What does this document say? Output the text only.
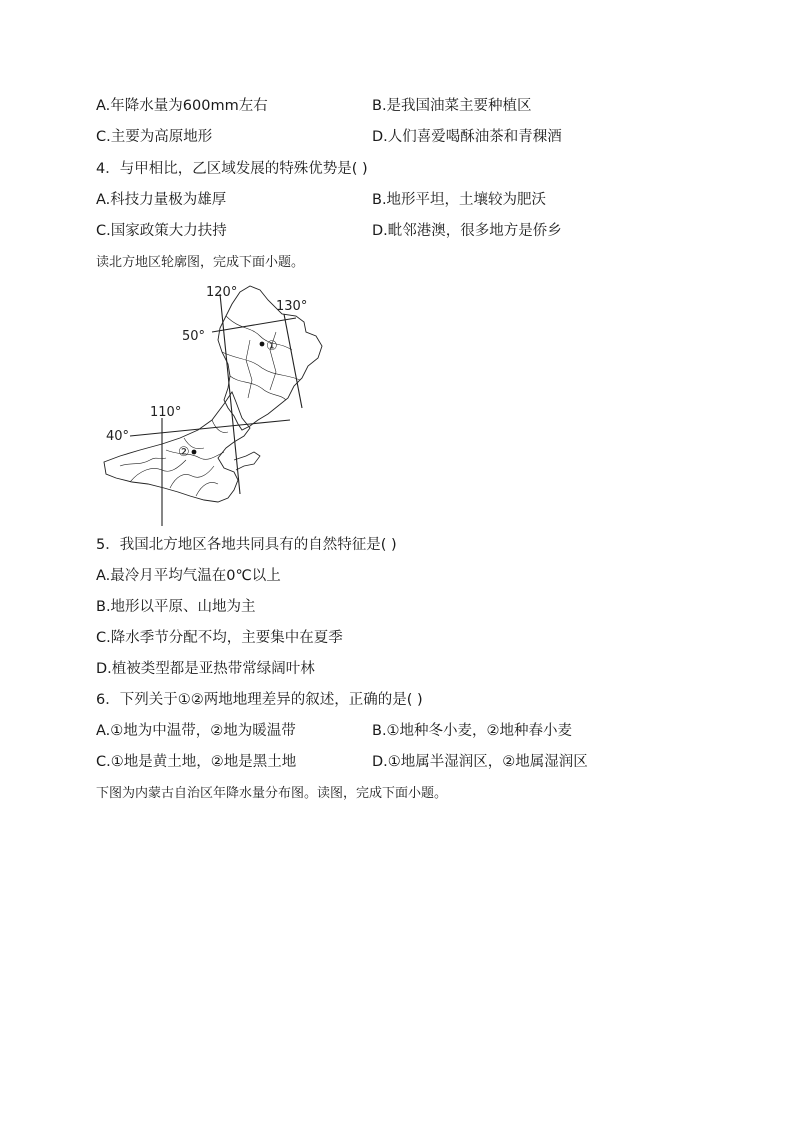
A.年降水量为600mm左右	B.是我国油菜主要种植区
C.主要为高原地形	D.人们喜爱喝酥油茶和青稞酒
4．与甲相比，乙区域发展的特殊优势是( )
A.科技力量极为雄厚	B.地形平坦，土壤较为肥沃
C.国家政策大力扶持	D.毗邻港澳，很多地方是侨乡
读北方地区轮廓图，完成下面小题。
120°
130°
110°
50°
40°
①
②
5．我国北方地区各地共同具有的自然特征是( )
A.最冷月平均气温在0℃以上
B.地形以平原、山地为主
C.降水季节分配不均，主要集中在夏季
D.植被类型都是亚热带常绿阔叶林
6．下列关于①②两地地理差异的叙述，正确的是( )
A.①地为中温带，②地为暖温带	B.①地种冬小麦，②地种春小麦
C.①地是黄土地，②地是黑土地	D.①地属半湿润区，②地属湿润区
下图为内蒙古自治区年降水量分布图。读图，完成下面小题。
